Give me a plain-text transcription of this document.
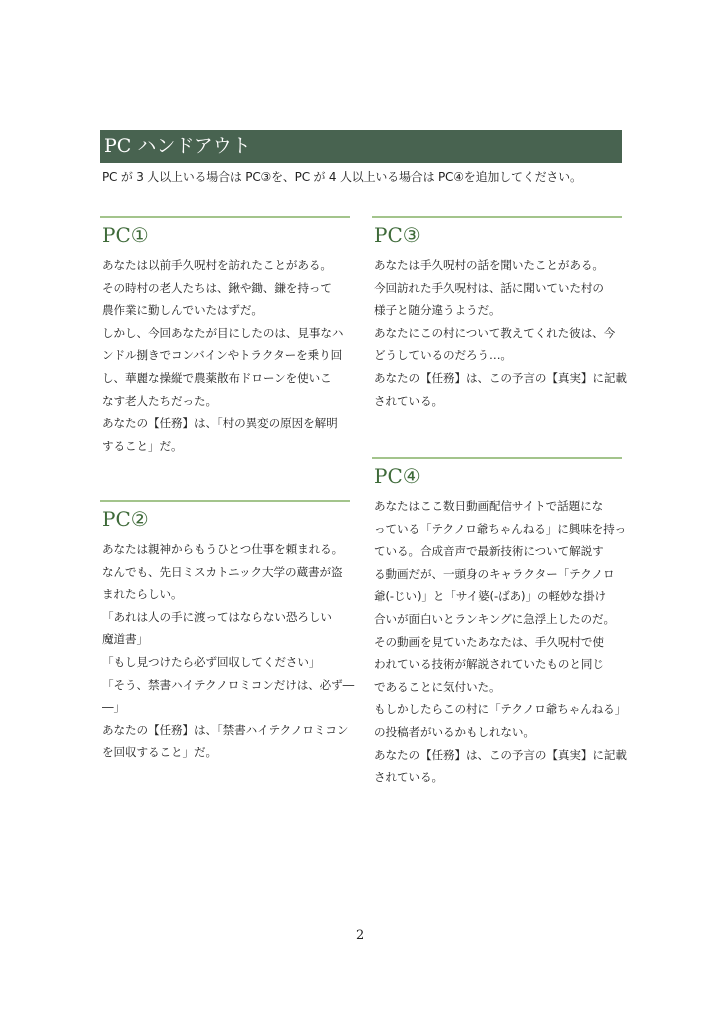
PC ハンドアウト
PC が 3 人以上いる場合は PC③を、PC が 4 人以上いる場合は PC④を追加してください。
PC①
あなたは以前手久呪村を訪れたことがある。
その時村の老人たちは、鍬や鋤、鎌を持って
農作業に勤しんでいたはずだ。
しかし、今回あなたが目にしたのは、見事なハ
ンドル捌きでコンバインやトラクターを乗り回
し、華麗な操縦で農薬散布ドローンを使いこ
なす老人たちだった。
あなたの【任務】は、「村の異変の原因を解明
すること」だ。
PC②
あなたは親神からもうひとつ仕事を頼まれる。
なんでも、先日ミスカトニック大学の蔵書が盗
まれたらしい。
「あれは人の手に渡ってはならない恐ろしい
魔道書」
「もし見つけたら必ず回収してください」
「そう、禁書ハイテクノロミコンだけは、必ず―
―」
あなたの【任務】は、「禁書ハイテクノロミコン
を回収すること」だ。
PC③
あなたは手久呪村の話を聞いたことがある。
今回訪れた手久呪村は、話に聞いていた村の
様子と随分違うようだ。
あなたにこの村について教えてくれた彼は、今
どうしているのだろう…。
あなたの【任務】は、この予言の【真実】に記載
されている。
PC④
あなたはここ数日動画配信サイトで話題にな
っている「テクノロ爺ちゃんねる」に興味を持っ
ている。合成音声で最新技術について解説す
る動画だが、一頭身のキャラクター「テクノロ
爺(-じい)」と「サイ婆(-ばあ)」の軽妙な掛け
合いが面白いとランキングに急浮上したのだ。
その動画を見ていたあなたは、手久呪村で使
われている技術が解説されていたものと同じ
であることに気付いた。
もしかしたらこの村に「テクノロ爺ちゃんねる」
の投稿者がいるかもしれない。
あなたの【任務】は、この予言の【真実】に記載
されている。
2
